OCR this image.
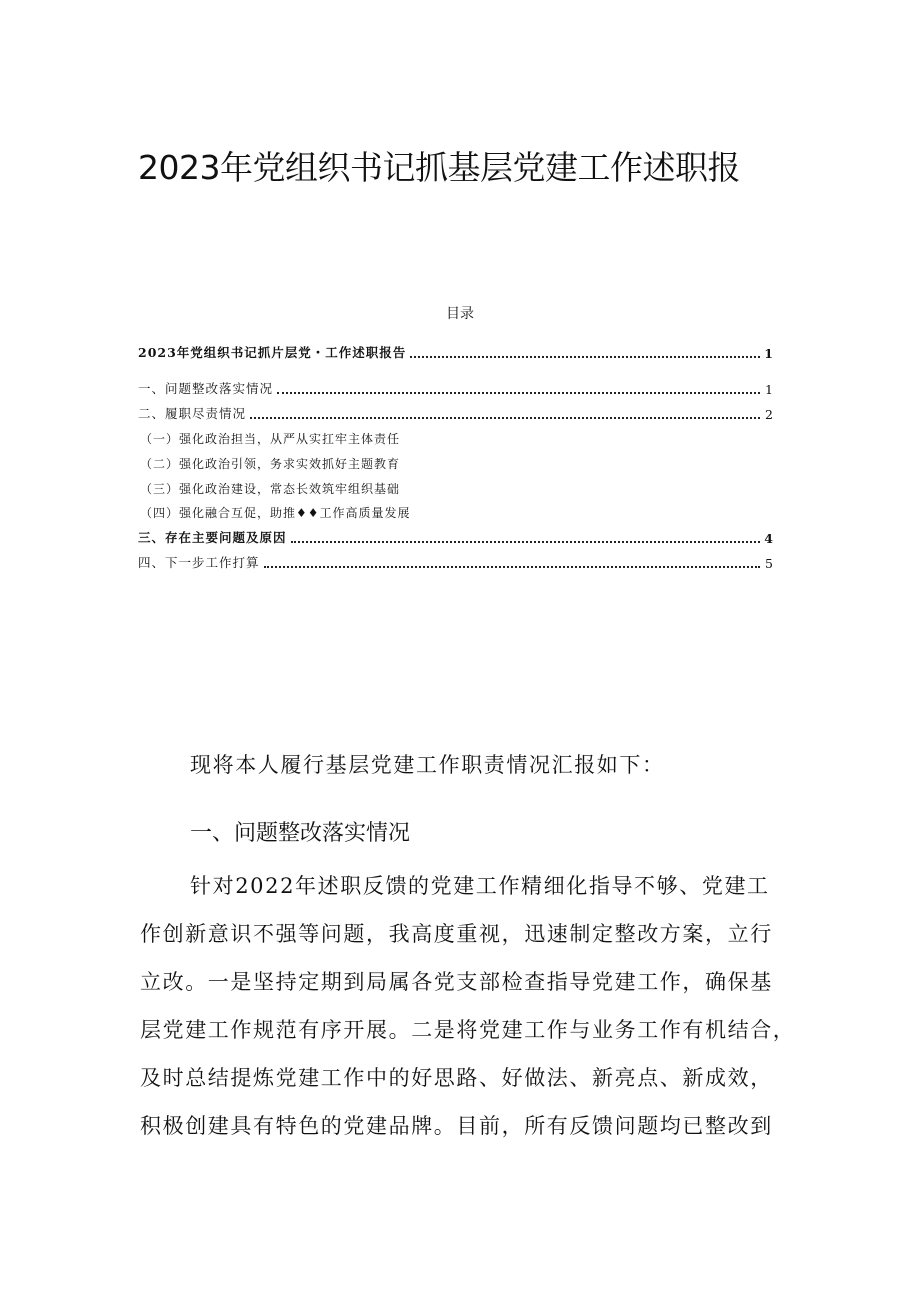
2023年党组织书记抓基层党建工作述职报
目录
2023年党组织书记抓片层党・工作述职报告	1
一、问题整改落实情况	1
二、履职尽责情况	2
（一）强化政治担当，从严从实扛牢主体责任
（二）强化政治引领，务求实效抓好主题教育
（三）强化政治建设，常态长效筑牢组织基础
（四）强化融合互促，助推♦♦工作高质量发展
三、存在主要问题及原因	4
四、下一步工作打算	5
现将本人履行基层党建工作职责情况汇报如下：
一、问题整改落实情况
针对2022年述职反馈的党建工作精细化指导不够、党建工
作创新意识不强等问题，我高度重视，迅速制定整改方案，立行
立改。一是坚持定期到局属各党支部检查指导党建工作，确保基
层党建工作规范有序开展。二是将党建工作与业务工作有机结合，
及时总结提炼党建工作中的好思路、好做法、新亮点、新成效，
积极创建具有特色的党建品牌。目前，所有反馈问题均已整改到
